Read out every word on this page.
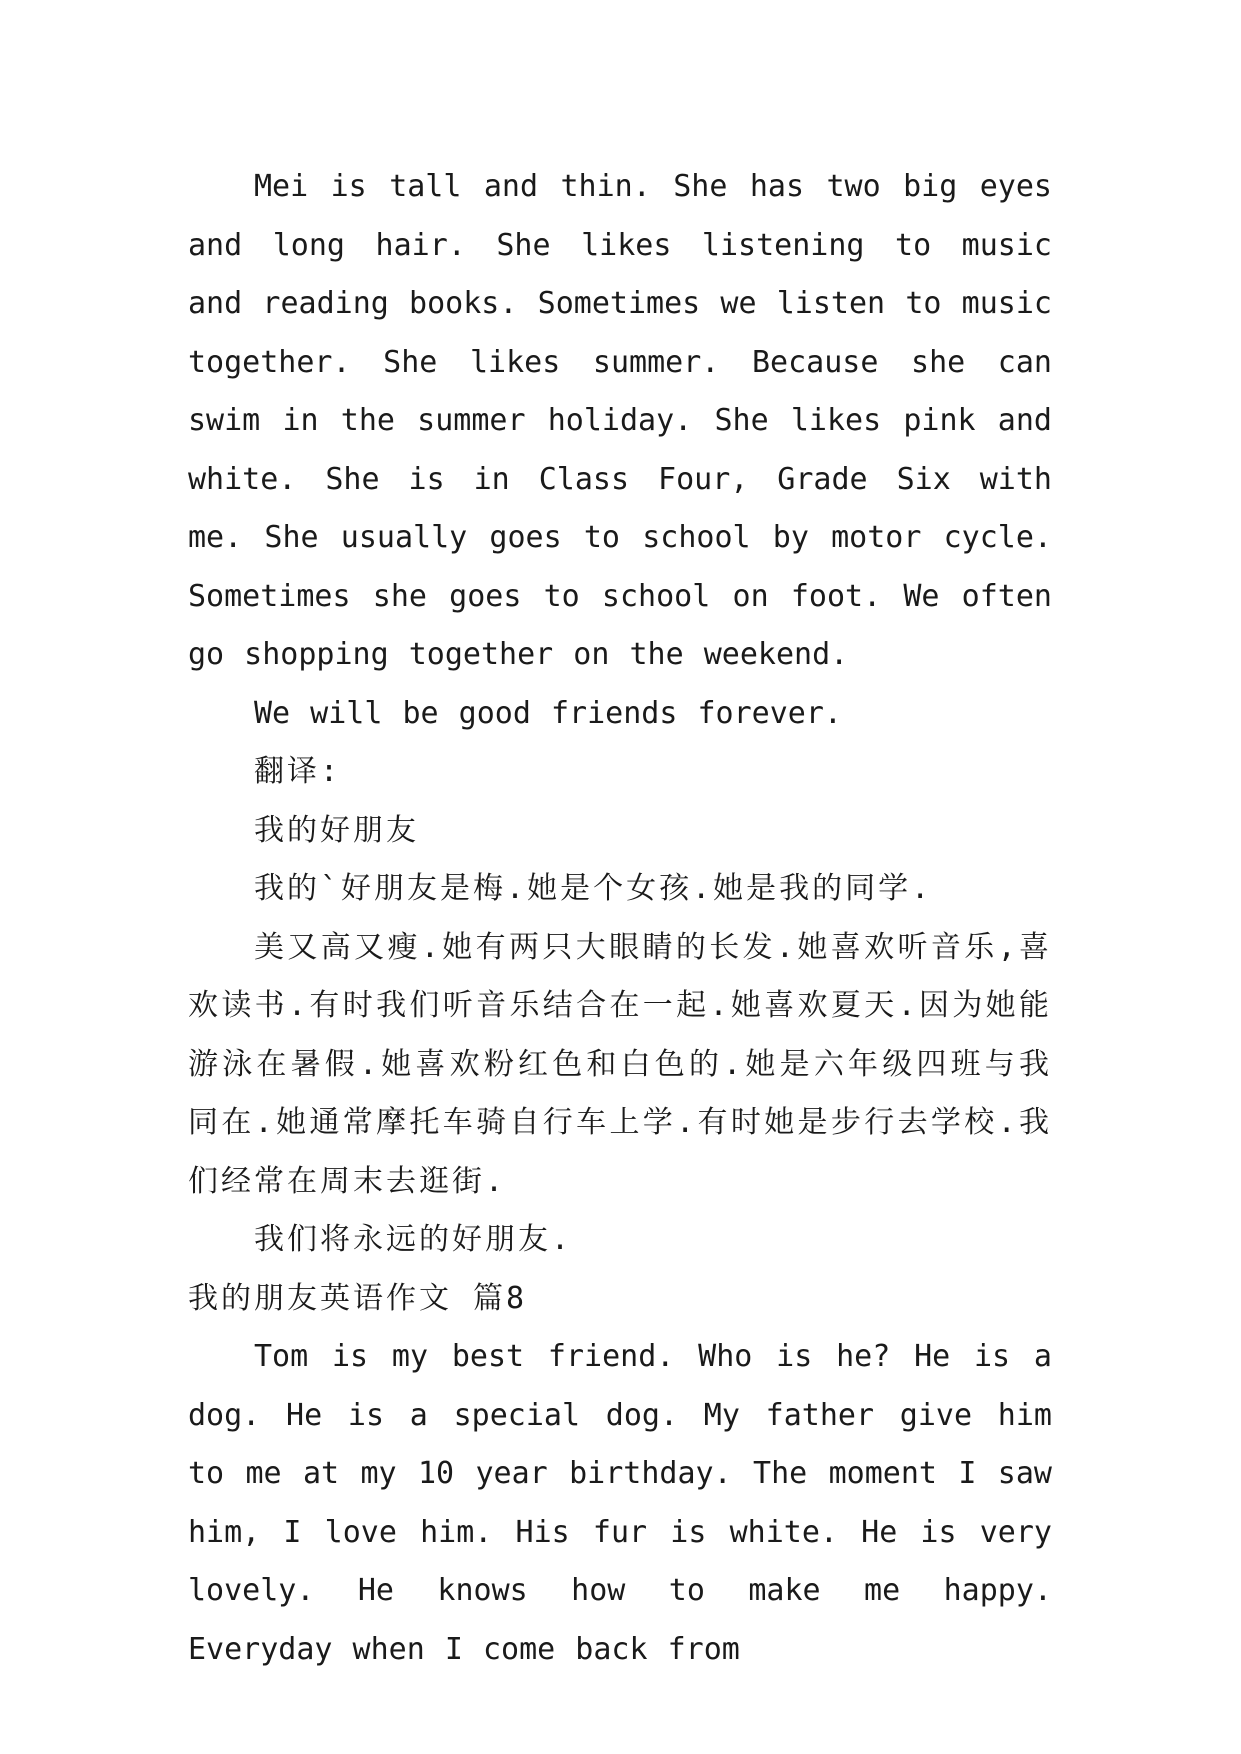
Mei is tall and thin. She has two big eyes and long hair. She likes listening to music and reading books. Sometimes we listen to music together. She likes summer. Because she can swim in the summer holiday. She likes pink and white. She is in Class Four, Grade Six with me. She usually goes to school by motor cycle. Sometimes she goes to school on foot. We often go shopping together on the weekend.

We will be good friends forever.

翻译:

我的好朋友

我的`好朋友是梅.她是个女孩.她是我的同学.

美又高又瘦.她有两只大眼睛的长发.她喜欢听音乐,喜欢读书.有时我们听音乐结合在一起.她喜欢夏天.因为她能游泳在暑假.她喜欢粉红色和白色的.她是六年级四班与我同在.她通常摩托车骑自行车上学.有时她是步行去学校.我们经常在周末去逛街.

我们将永远的好朋友.

我的朋友英语作文 篇8

Tom is my best friend. Who is he? He is a dog. He is a special dog. My father give him to me at my 10 year birthday. The moment I saw him, I love him. His fur is white. He is very lovely. He knows how to make me happy. Everyday when I come back from
